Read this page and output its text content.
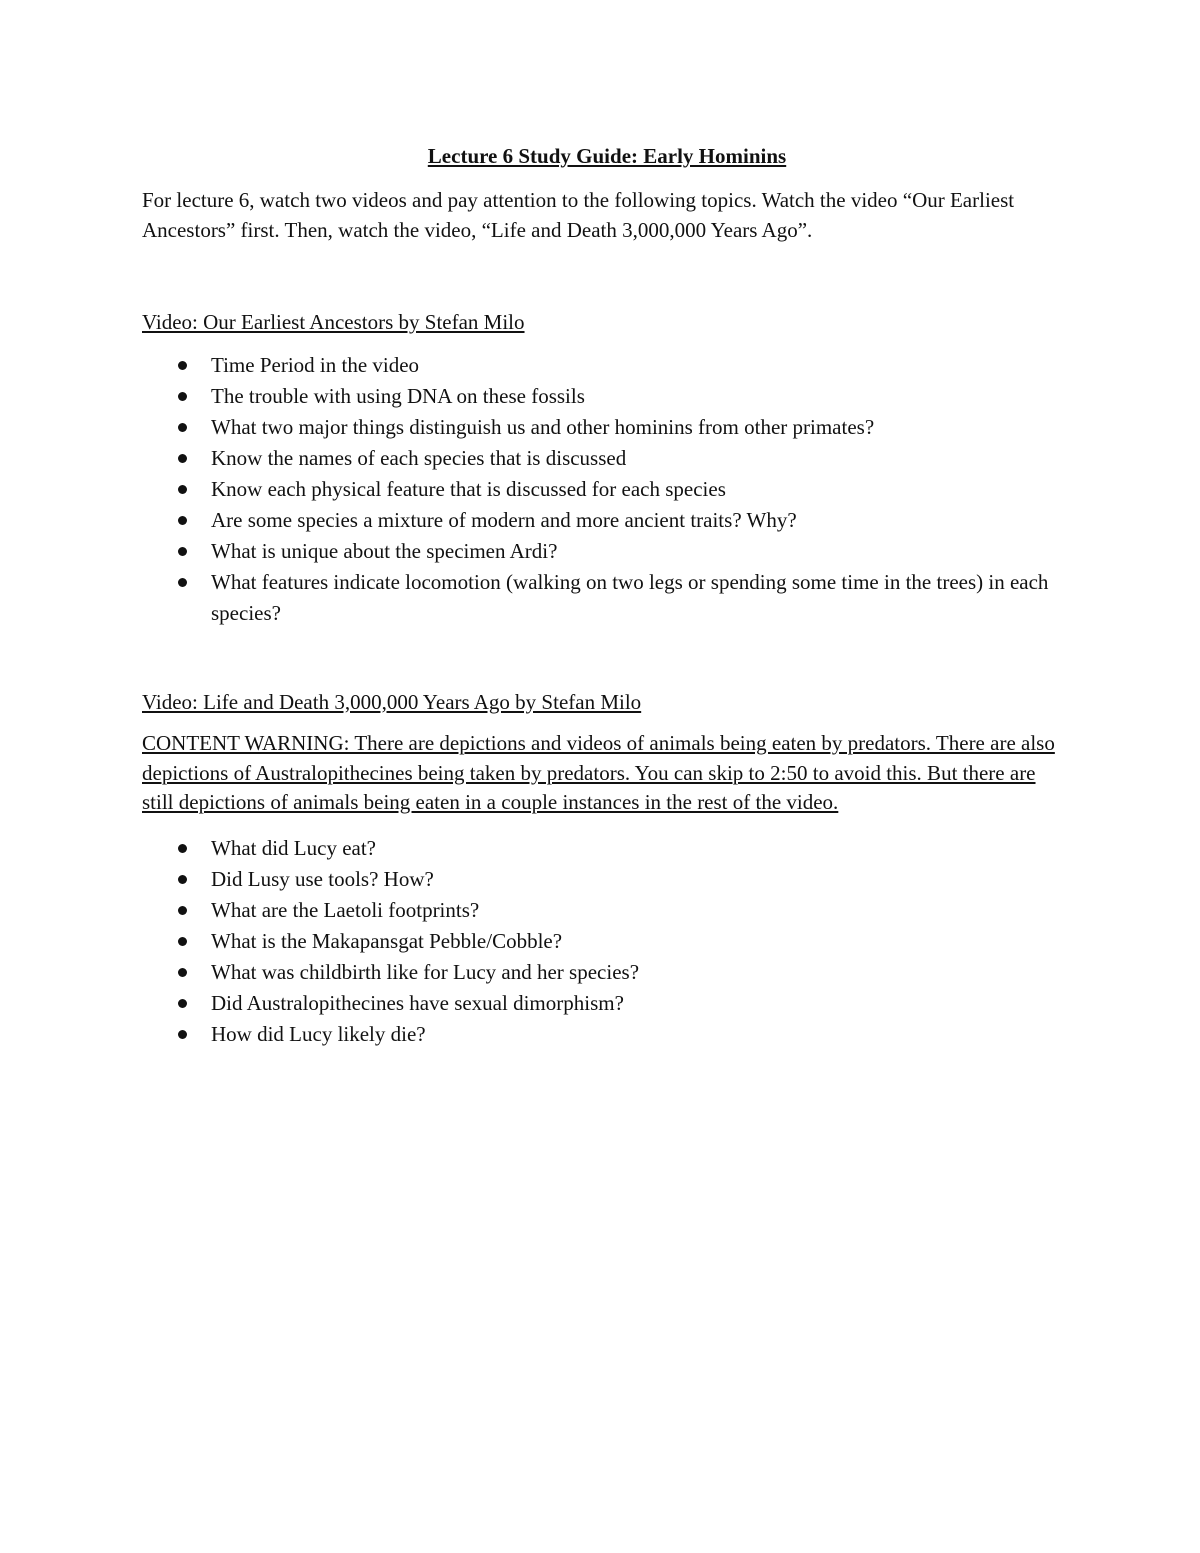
Lecture 6 Study Guide: Early Hominins

For lecture 6, watch two videos and pay attention to the following topics. Watch the video “Our Earliest Ancestors” first. Then, watch the video, “Life and Death 3,000,000 Years Ago”.

Video: Our Earliest Ancestors by Stefan Milo

Time Period in the video
The trouble with using DNA on these fossils
What two major things distinguish us and other hominins from other primates?
Know the names of each species that is discussed
Know each physical feature that is discussed for each species
Are some species a mixture of modern and more ancient traits? Why?
What is unique about the specimen Ardi?
What features indicate locomotion (walking on two legs or spending some time in the trees) in each species?

Video: Life and Death 3,000,000 Years Ago by Stefan Milo

CONTENT WARNING: There are depictions and videos of animals being eaten by predators. There are also depictions of Australopithecines being taken by predators. You can skip to 2:50 to avoid this. But there are still depictions of animals being eaten in a couple instances in the rest of the video.

What did Lucy eat?
Did Lusy use tools? How?
What are the Laetoli footprints?
What is the Makapansgat Pebble/Cobble?
What was childbirth like for Lucy and her species?
Did Australopithecines have sexual dimorphism?
How did Lucy likely die?
